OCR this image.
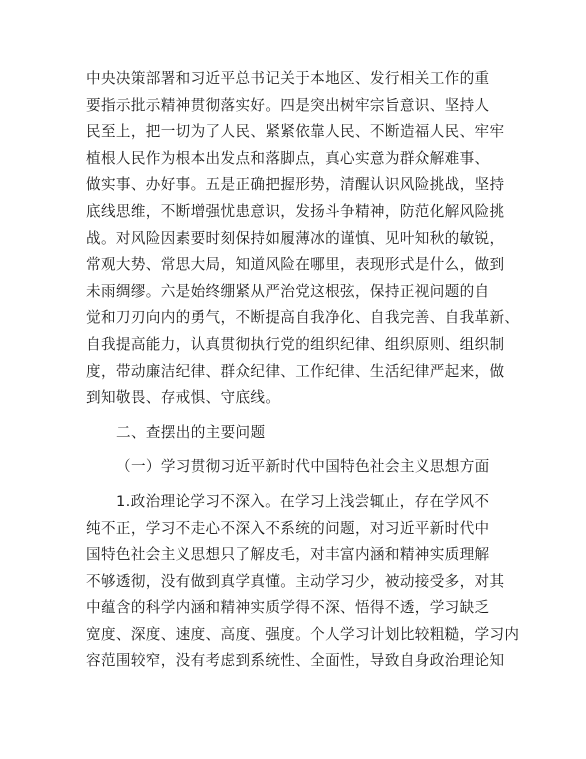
中央决策部署和习近平总书记关于本地区、发行相关工作的重
要指示批示精神贯彻落实好。四是突出树牢宗旨意识、坚持人
民至上，把一切为了人民、紧紧依靠人民、不断造福人民、牢牢
植根人民作为根本出发点和落脚点，真心实意为群众解难事、
做实事、办好事。五是正确把握形势，清醒认识风险挑战，坚持
底线思维，不断增强忧患意识，发扬斗争精神，防范化解风险挑
战。对风险因素要时刻保持如履薄冰的谨慎、见叶知秋的敏锐，
常观大势、常思大局，知道风险在哪里，表现形式是什么，做到
未雨绸缪。六是始终绷紧从严治党这根弦，保持正视问题的自
觉和刀刃向内的勇气，不断提高自我净化、自我完善、自我革新、
自我提高能力，认真贯彻执行党的组织纪律、组织原则、组织制
度，带动廉洁纪律、群众纪律、工作纪律、生活纪律严起来，做
到知敬畏、存戒惧、守底线。
二、查摆出的主要问题
（一）学习贯彻习近平新时代中国特色社会主义思想方面
1.政治理论学习不深入。在学习上浅尝辄止，存在学风不
纯不正，学习不走心不深入不系统的问题，对习近平新时代中
国特色社会主义思想只了解皮毛，对丰富内涵和精神实质理解
不够透彻，没有做到真学真懂。主动学习少，被动接受多，对其
中蕴含的科学内涵和精神实质学得不深、悟得不透，学习缺乏
宽度、深度、速度、高度、强度。个人学习计划比较粗糙，学习内
容范围较窄，没有考虑到系统性、全面性，导致自身政治理论知
